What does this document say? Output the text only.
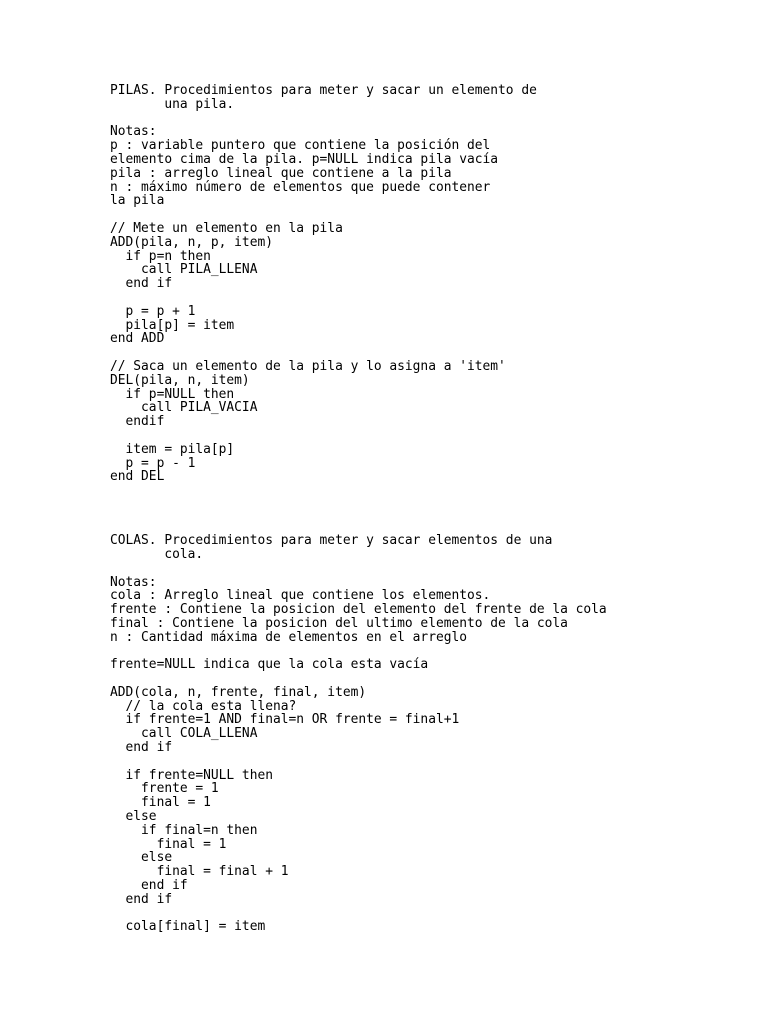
PILAS. Procedimientos para meter y sacar un elemento de
una pila.
Notas:
p : variable puntero que contiene la posición del
elemento cima de la pila. p=NULL indica pila vacía
pila : arreglo lineal que contiene a la pila
n : máximo número de elementos que puede contener
la pila
// Mete un elemento en la pila
ADD(pila, n, p, item)
if p=n then
call PILA_LLENA
end if
p = p + 1
pila[p] = item
end ADD
// Saca un elemento de la pila y lo asigna a 'item'
DEL(pila, n, item)
if p=NULL then
call PILA_VACIA
endif
item = pila[p]
p = p - 1
end DEL
COLAS. Procedimientos para meter y sacar elementos de una
cola.
Notas:
cola : Arreglo lineal que contiene los elementos.
frente : Contiene la posicion del elemento del frente de la cola
final : Contiene la posicion del ultimo elemento de la cola
n : Cantidad máxima de elementos en el arreglo
frente=NULL indica que la cola esta vacía
ADD(cola, n, frente, final, item)
// la cola esta llena?
if frente=1 AND final=n OR frente = final+1
call COLA_LLENA
end if
if frente=NULL then
frente = 1
final = 1
else
if final=n then
final = 1
else
final = final + 1
end if
end if
cola[final] = item
